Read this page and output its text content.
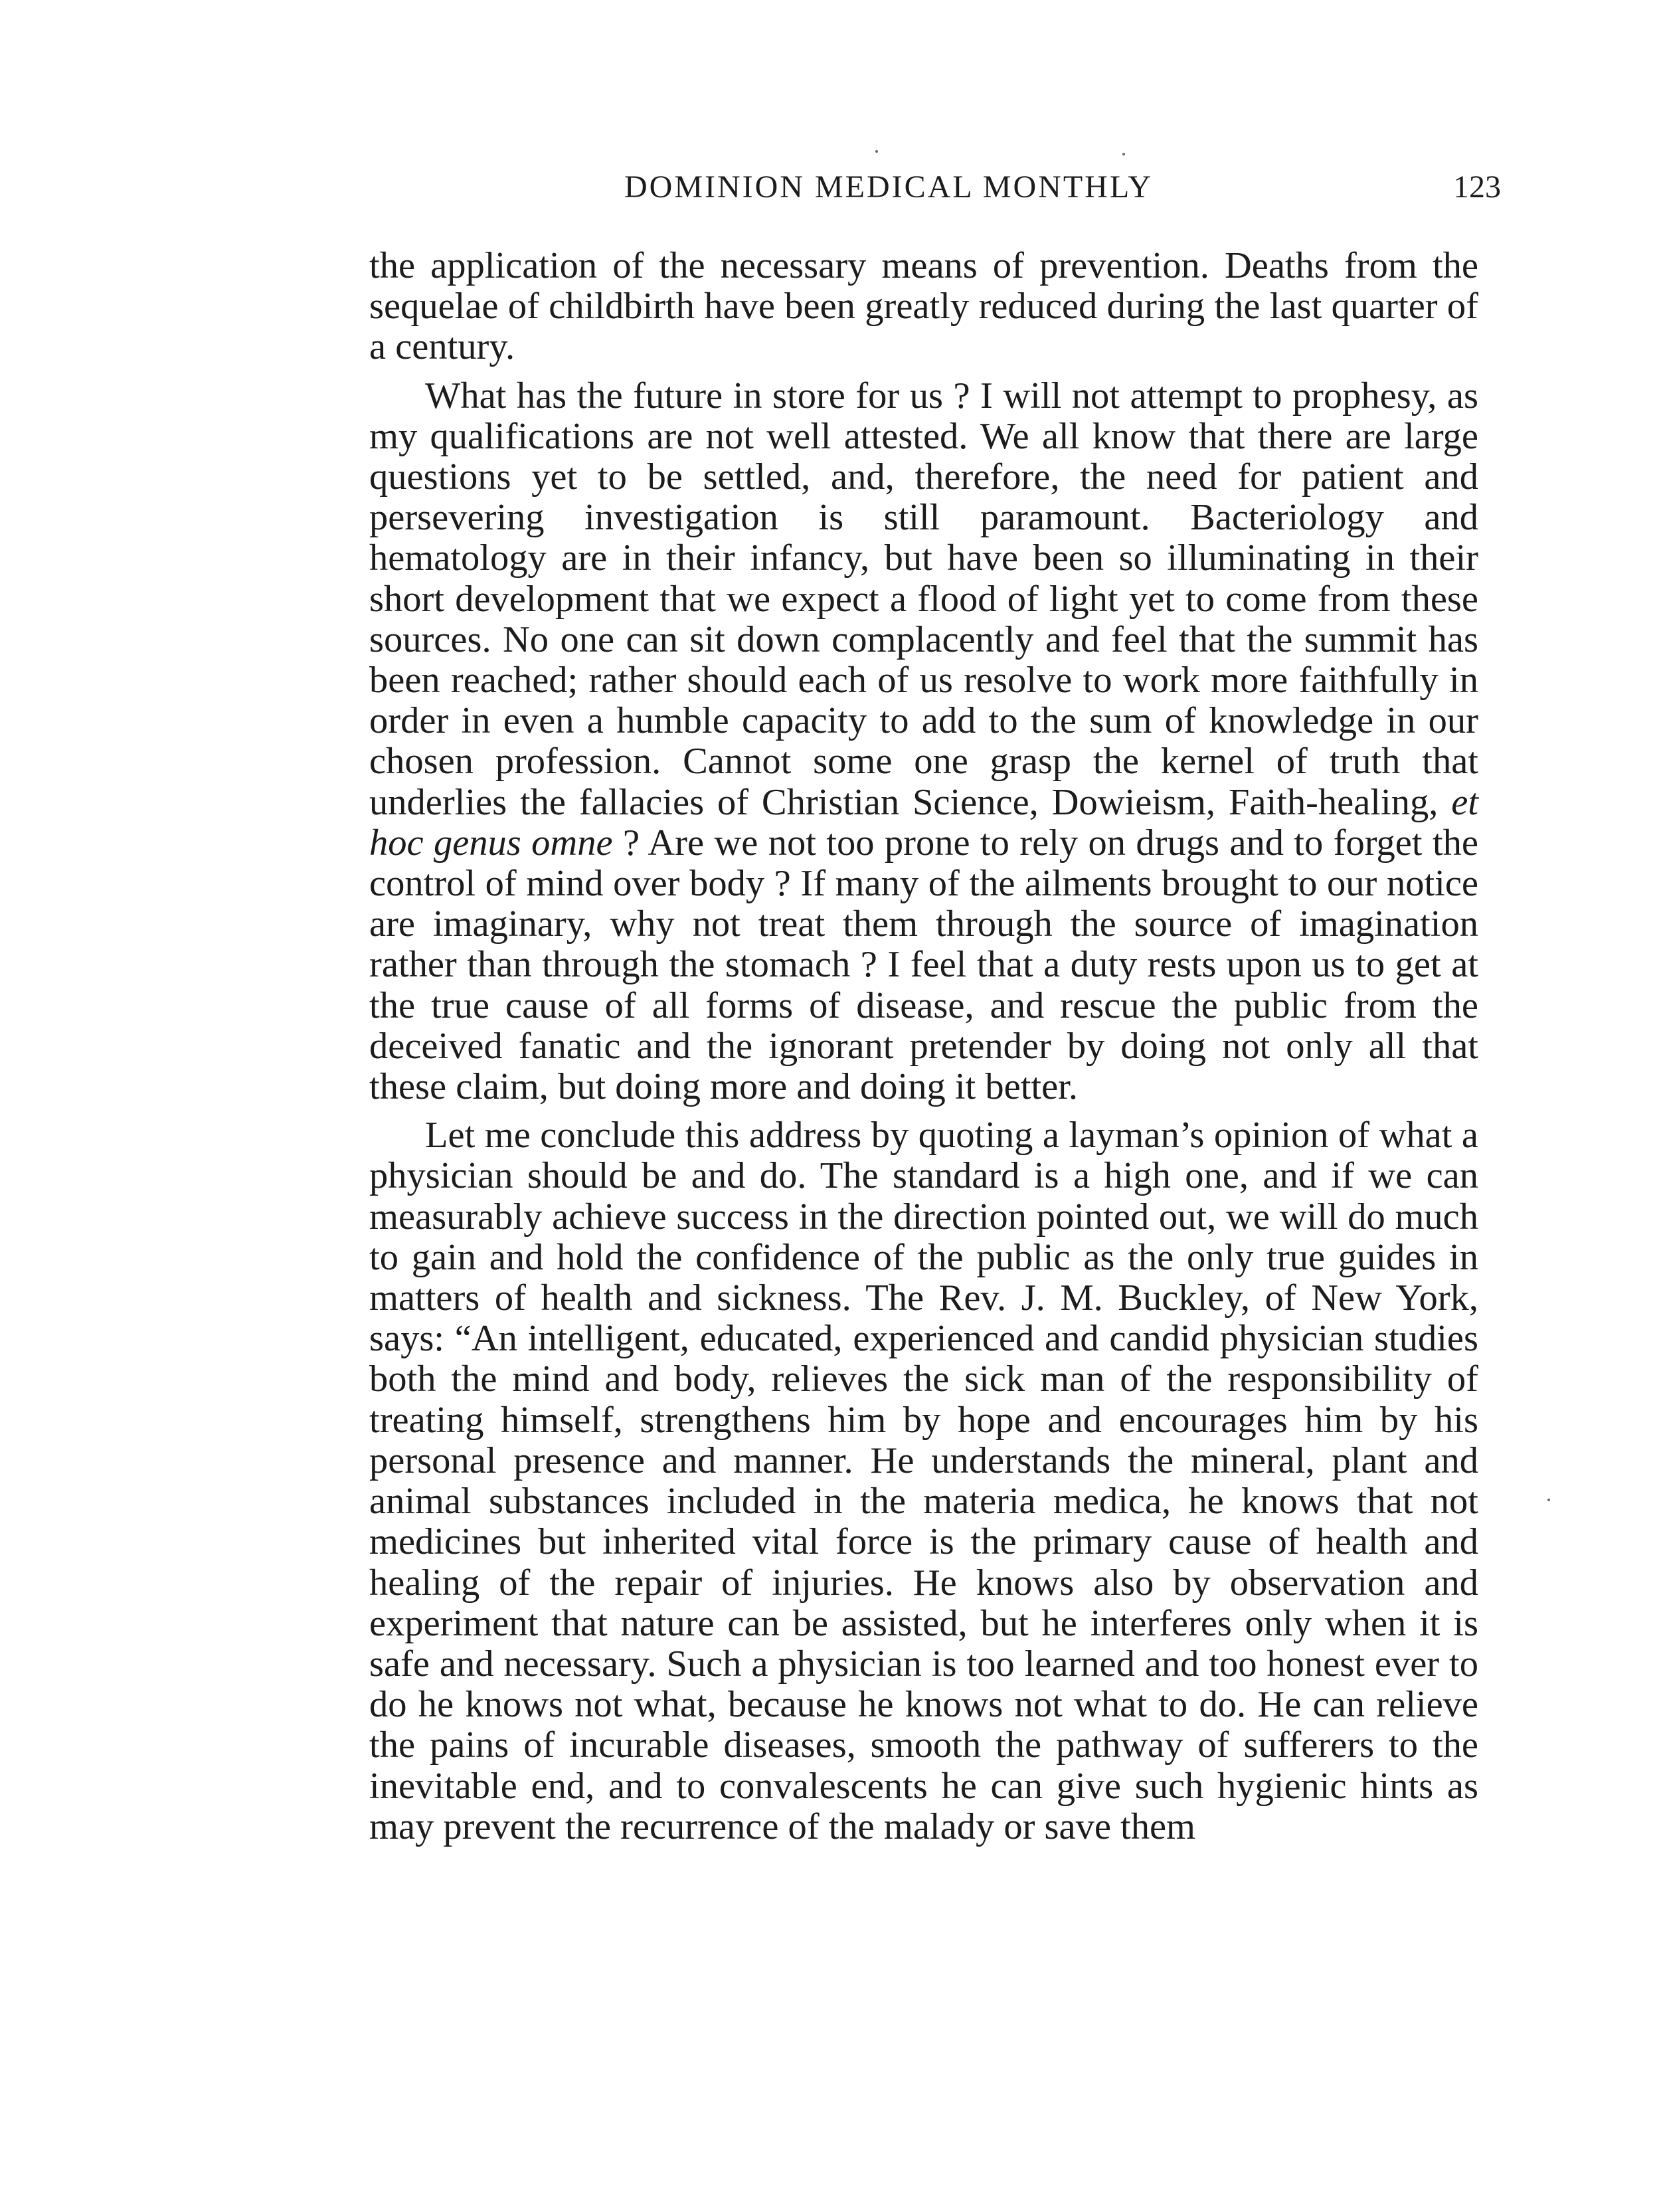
DOMINION MEDICAL MONTHLY	123

the application of the necessary means of prevention. Deaths from the sequelae of childbirth have been greatly reduced during the last quarter of a century.

What has the future in store for us ? I will not attempt to prophesy, as my qualifications are not well attested. We all know that there are large questions yet to be settled, and, therefore, the need for patient and persevering investigation is still paramount. Bacteriology and hematology are in their infancy, but have been so illuminating in their short development that we expect a flood of light yet to come from these sources. No one can sit down complacently and feel that the summit has been reached; rather should each of us resolve to work more faithfully in order in even a humble capacity to add to the sum of knowledge in our chosen profession. Cannot some one grasp the kernel of truth that underlies the fallacies of Christian Science, Dowieism, Faith-healing, et hoc genus omne ? Are we not too prone to rely on drugs and to forget the control of mind over body ? If many of the ailments brought to our notice are imaginary, why not treat them through the source of imagination rather than through the stomach ? I feel that a duty rests upon us to get at the true cause of all forms of disease, and rescue the public from the deceived fanatic and the ignorant pretender by doing not only all that these claim, but doing more and doing it better.

Let me conclude this address by quoting a layman’s opinion of what a physician should be and do. The standard is a high one, and if we can measurably achieve success in the direction pointed out, we will do much to gain and hold the confidence of the public as the only true guides in matters of health and sickness. The Rev. J. M. Buckley, of New York, says: “An intelligent, educated, experienced and candid physician studies both the mind and body, relieves the sick man of the responsibility of treating himself, strengthens him by hope and encourages him by his personal presence and manner. He understands the mineral, plant and animal substances included in the materia medica, he knows that not medicines but inherited vital force is the primary cause of health and healing of the repair of injuries. He knows also by observation and experiment that nature can be assisted, but he interferes only when it is safe and necessary. Such a physician is too learned and too honest ever to do he knows not what, because he knows not what to do. He can relieve the pains of incurable diseases, smooth the pathway of sufferers to the inevitable end, and to convalescents he can give such hygienic hints as may prevent the recurrence of the malady or save them
